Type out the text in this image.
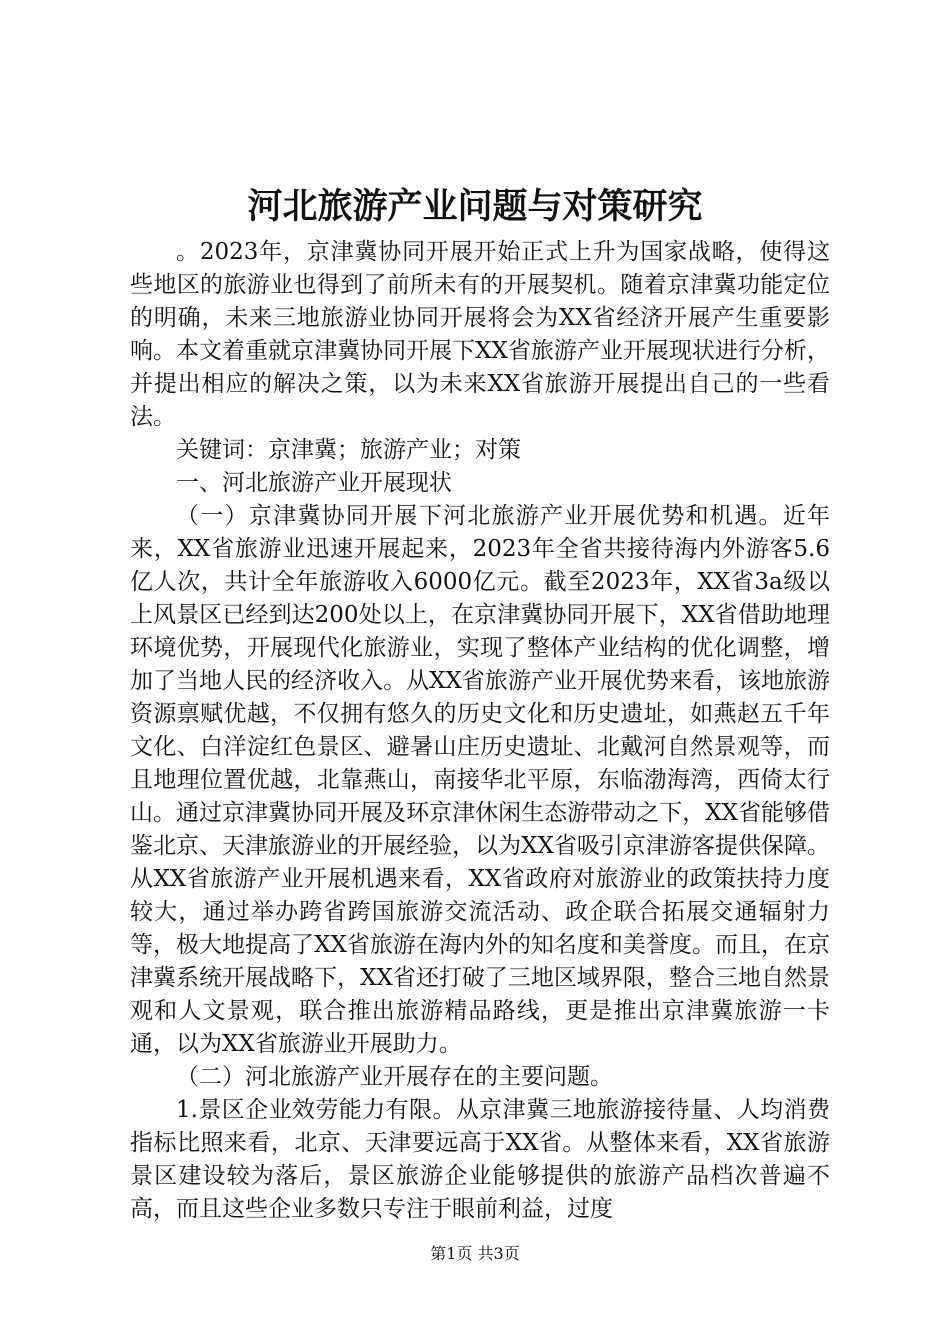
河北旅游产业问题与对策研究

。2023年，京津冀协同开展开始正式上升为国家战略，使得这些地区的旅游业也得到了前所未有的开展契机。随着京津冀功能定位的明确，未来三地旅游业协同开展将会为XX省经济开展产生重要影响。本文着重就京津冀协同开展下XX省旅游产业开展现状进行分析，并提出相应的解决之策，以为未来XX省旅游开展提出自己的一些看法。

关键词：京津冀；旅游产业；对策

一、河北旅游产业开展现状

（一）京津冀协同开展下河北旅游产业开展优势和机遇。近年来，XX省旅游业迅速开展起来，2023年全省共接待海内外游客5.6亿人次，共计全年旅游收入6000亿元。截至2023年，XX省3a级以上风景区已经到达200处以上，在京津冀协同开展下，XX省借助地理环境优势，开展现代化旅游业，实现了整体产业结构的优化调整，增加了当地人民的经济收入。从XX省旅游产业开展优势来看，该地旅游资源禀赋优越，不仅拥有悠久的历史文化和历史遗址，如燕赵五千年文化、白洋淀红色景区、避暑山庄历史遗址、北戴河自然景观等，而且地理位置优越，北靠燕山，南接华北平原，东临渤海湾，西倚太行山。通过京津冀协同开展及环京津休闲生态游带动之下，XX省能够借鉴北京、天津旅游业的开展经验，以为XX省吸引京津游客提供保障。从XX省旅游产业开展机遇来看，XX省政府对旅游业的政策扶持力度较大，通过举办跨省跨国旅游交流活动、政企联合拓展交通辐射力等，极大地提高了XX省旅游在海内外的知名度和美誉度。而且，在京津冀系统开展战略下，XX省还打破了三地区域界限，整合三地自然景观和人文景观，联合推出旅游精品路线，更是推出京津冀旅游一卡通，以为XX省旅游业开展助力。

（二）河北旅游产业开展存在的主要问题。

1.景区企业效劳能力有限。从京津冀三地旅游接待量、人均消费指标比照来看，北京、天津要远高于XX省。从整体来看，XX省旅游景区建设较为落后，景区旅游企业能够提供的旅游产品档次普遍不高，而且这些企业多数只专注于眼前利益，过度

第1页 共3页
